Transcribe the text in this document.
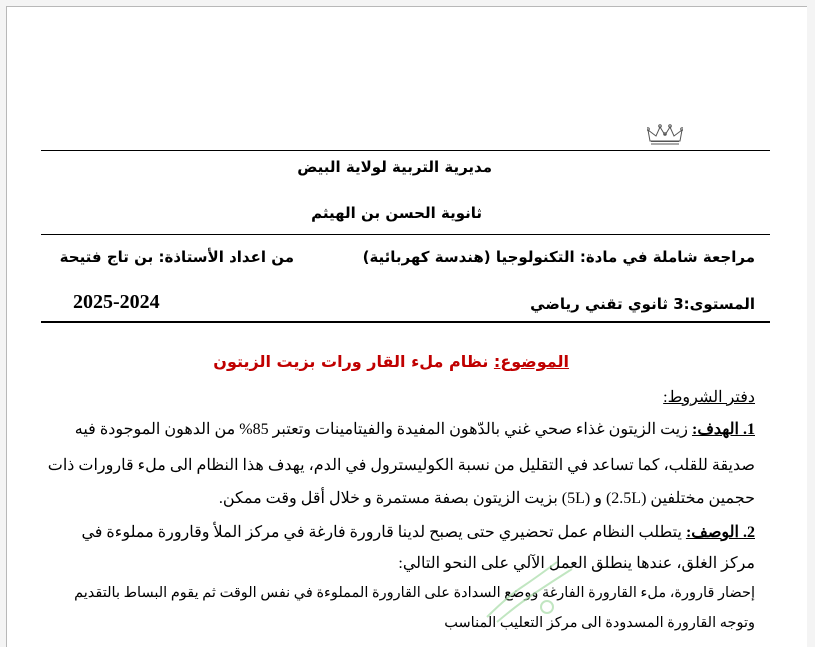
مديرية التربية لولاية البيض
ثانوية الحسن بن الهيثم
مراجعة شاملة في مادة: التكنولوجيا (هندسة كهربائية)
من اعداد الأستاذة: بن تاج فتيحة
المستوى:3 ثانوي تقني رياضي
2025-2024
الموضوع: نظام ملء القار ورات بزيت الزيتون
دفتر الشروط:
1. الهدف: زيت الزيتون غذاء صحي غني بالدّهون المفيدة والفيتامينات وتعتبر 85% من الدهون الموجودة فيه
صديقة للقلب، كما تساعد في التقليل من نسبة الكوليسترول في الدم، يهدف هذا النظام الى ملء قارورات ذات
حجمين مختلفين (2.5L) و (5L) بزيت الزيتون بصفة مستمرة و خلال أقل وقت ممكن.
2. الوصف: يتطلب النظام عمل تحضيري حتى يصبح لدينا قارورة فارغة في مركز الملأ وقارورة مملوءة في
مركز الغلق، عندها ينطلق العمل الآلي على النحو التالي:
إحضار قارورة، ملء القارورة الفارغة ووضع السدادة على القارورة المملوءة في نفس الوقت ثم يقوم البساط بالتقديم
وتوجه القارورة المسدودة الى مركز التعليب المناسب
